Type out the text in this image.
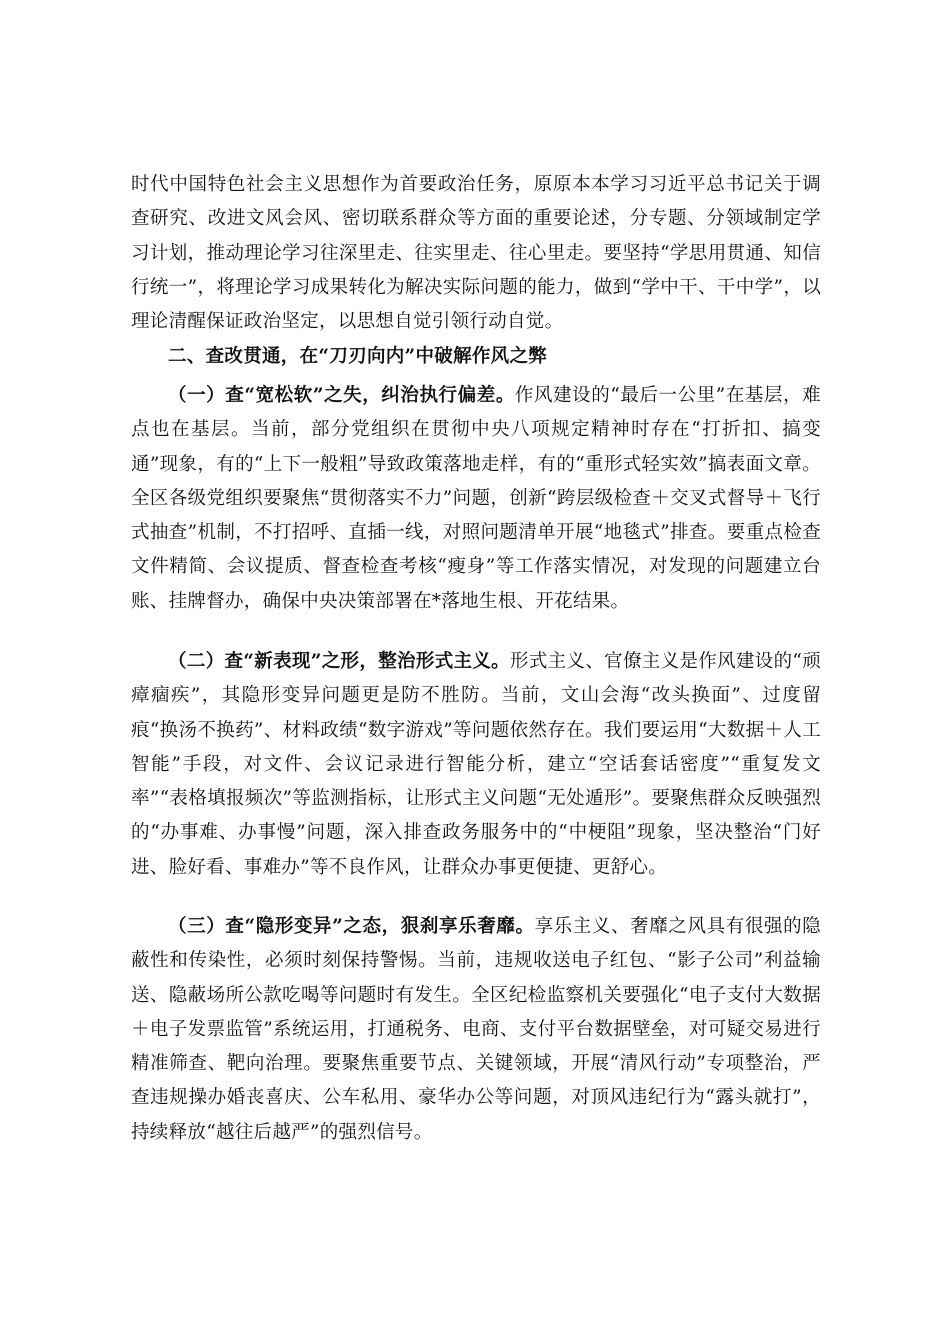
时代中国特色社会主义思想作为首要政治任务，原原本本学习习近平总书记关于调查研究、改进文风会风、密切联系群众等方面的重要论述，分专题、分领域制定学习计划，推动理论学习往深里走、往实里走、往心里走。要坚持“学思用贯通、知信行统一”，将理论学习成果转化为解决实际问题的能力，做到“学中干、干中学”，以理论清醒保证政治坚定，以思想自觉引领行动自觉。

二、查改贯通，在“刀刃向内”中破解作风之弊

（一）查“宽松软”之失，纠治执行偏差。作风建设的“最后一公里”在基层，难点也在基层。当前，部分党组织在贯彻中央八项规定精神时存在“打折扣、搞变通”现象，有的“上下一般粗”导致政策落地走样，有的“重形式轻实效”搞表面文章。全区各级党组织要聚焦“贯彻落实不力”问题，创新“跨层级检查＋交叉式督导＋飞行式抽查”机制，不打招呼、直插一线，对照问题清单开展“地毯式”排查。要重点检查文件精简、会议提质、督查检查考核“瘦身”等工作落实情况，对发现的问题建立台账、挂牌督办，确保中央决策部署在*落地生根、开花结果。

（二）查“新表现”之形，整治形式主义。形式主义、官僚主义是作风建设的“顽瘴痼疾”，其隐形变异问题更是防不胜防。当前，文山会海“改头换面”、过度留痕“换汤不换药”、材料政绩“数字游戏”等问题依然存在。我们要运用“大数据＋人工智能”手段，对文件、会议记录进行智能分析，建立“空话套话密度”“重复发文率”“表格填报频次”等监测指标，让形式主义问题“无处遁形”。要聚焦群众反映强烈的“办事难、办事慢”问题，深入排查政务服务中的“中梗阻”现象，坚决整治“门好进、脸好看、事难办”等不良作风，让群众办事更便捷、更舒心。

（三）查“隐形变异”之态，狠刹享乐奢靡。享乐主义、奢靡之风具有很强的隐蔽性和传染性，必须时刻保持警惕。当前，违规收送电子红包、“影子公司”利益输送、隐蔽场所公款吃喝等问题时有发生。全区纪检监察机关要强化“电子支付大数据＋电子发票监管”系统运用，打通税务、电商、支付平台数据壁垒，对可疑交易进行精准筛查、靶向治理。要聚焦重要节点、关键领域，开展“清风行动”专项整治，严查违规操办婚丧喜庆、公车私用、豪华办公等问题，对顶风违纪行为“露头就打”，持续释放“越往后越严”的强烈信号。
